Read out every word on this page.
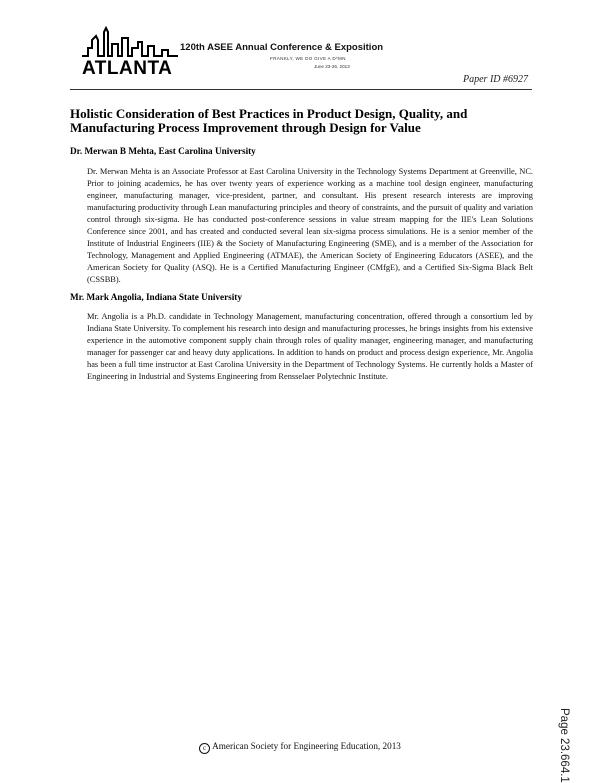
ATLANTA
120th ASEE Annual Conference & Exposition
FRANKLY, WE DO GIVE A D*MN
June 23-26, 2013
Paper ID #6927
Holistic Consideration of Best Practices in Product Design, Quality, and Manufacturing Process Improvement through Design for Value

Dr. Merwan B Mehta, East Carolina University

Dr. Merwan Mehta is an Associate Professor at East Carolina University in the Technology Systems Department at Greenville, NC. Prior to joining academics, he has over twenty years of experience working as a machine tool design engineer, manufacturing engineer, manufacturing manager, vice-president, partner, and consultant. His present research interests are improving manufacturing productivity through Lean manufacturing principles and theory of constraints, and the pursuit of quality and variation control through six-sigma. He has conducted post-conference sessions in value stream mapping for the IIE's Lean Solutions Conference since 2001, and has created and conducted several lean six-sigma process simulations. He is a senior member of the Institute of Industrial Engineers (IIE) & the Society of Manufacturing Engineering (SME), and is a member of the Association for Technology, Management and Applied Engineering (ATMAE), the American Society of Engineering Educators (ASEE), and the American Society for Quality (ASQ). He is a Certified Manufacturing Engineer (CMfgE), and a Certified Six-Sigma Black Belt (CSSBB).

Mr. Mark Angolia, Indiana State University

Mr. Angolia is a Ph.D. candidate in Technology Management, manufacturing concentration, offered through a consortium led by Indiana State University. To complement his research into design and manufacturing processes, he brings insights from his extensive experience in the automotive component supply chain through roles of quality manager, engineering manager, and manufacturing manager for passenger car and heavy duty applications. In addition to hands on product and process design experience, Mr. Angolia has been a full time instructor at East Carolina University in the Department of Technology Systems. He currently holds a Master of Engineering in Industrial and Systems Engineering from Rensselaer Polytechnic Institute.

Page 23.664.1
c American Society for Engineering Education, 2013
